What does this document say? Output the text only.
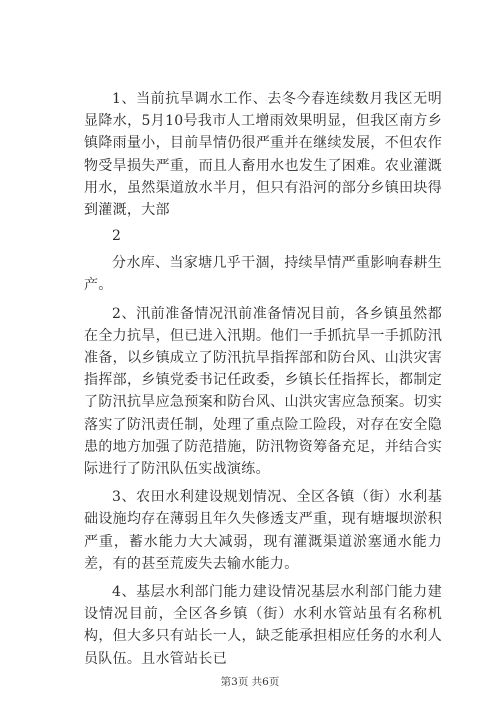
1、当前抗旱调水工作、去冬今春连续数月我区无明显降水，5月10号我市人工增雨效果明显，但我区南方乡镇降雨量小，目前旱情仍很严重并在继续发展，不但农作物受旱损失严重，而且人畜用水也发生了困难。农业灌溉用水，虽然渠道放水半月，但只有沿河的部分乡镇田块得到灌溉，大部

2

分水库、当家塘几乎干涸，持续旱情严重影响春耕生产。

2、汛前准备情况汛前准备情况目前，各乡镇虽然都在全力抗旱，但已进入汛期。他们一手抓抗旱一手抓防汛准备，以乡镇成立了防汛抗旱指挥部和防台风、山洪灾害指挥部，乡镇党委书记任政委，乡镇长任指挥长，都制定了防汛抗旱应急预案和防台风、山洪灾害应急预案。切实落实了防汛责任制，处理了重点险工险段，对存在安全隐患的地方加强了防范措施，防汛物资筹备充足，并结合实际进行了防汛队伍实战演练。

3、农田水利建设规划情况、全区各镇（街）水利基础设施均存在薄弱且年久失修透支严重，现有塘堰坝淤积严重，蓄水能力大大减弱，现有灌溉渠道淤塞通水能力差，有的甚至荒废失去输水能力。

4、基层水利部门能力建设情况基层水利部门能力建设情况目前，全区各乡镇（街）水利水管站虽有名称机构，但大多只有站长一人，缺乏能承担相应任务的水利人员队伍。且水管站长已

第3页 共6页
